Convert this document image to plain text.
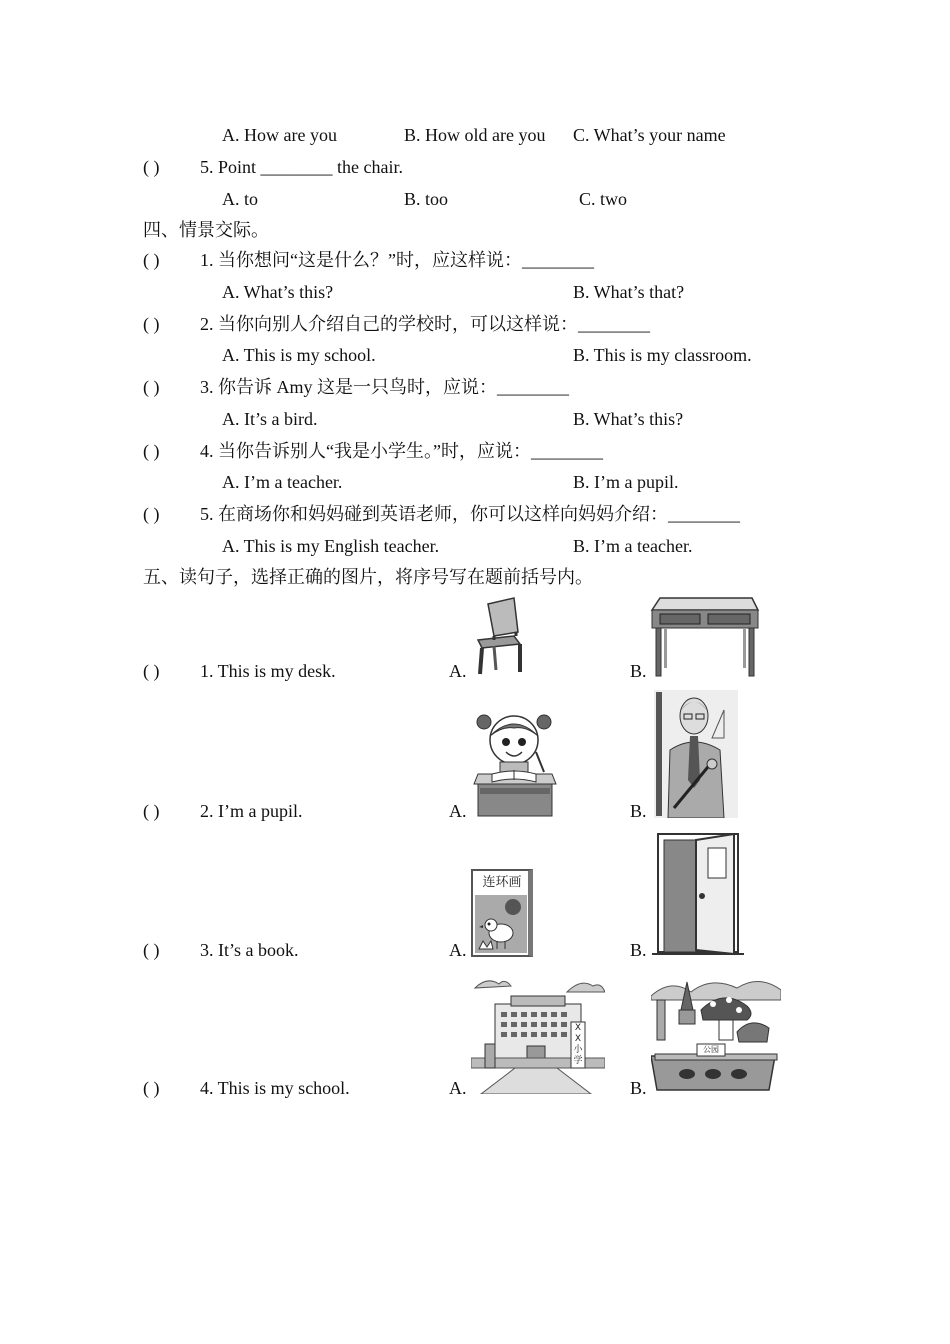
A. How are you	B. How old are you C. What’s your name
( ) 5. Point ________ the chair.
A. to	B. too	C. two
四、情景交际。
( ) 1. 当你想问“这是什么？”时，应这样说：________
A. What’s this?	B. What’s that?
( ) 2. 当你向别人介绍自己的学校时，可以这样说：________
A. This is my school.	B. This is my classroom.
( ) 3. 你告诉 Amy 这是一只鸟时，应说：________
A. It’s a bird.	B. What’s this?
( ) 4. 当你告诉别人“我是小学生。”时，应说：________
A. I’m a teacher.	B. I’m a pupil.
( ) 5. 在商场你和妈妈碰到英语老师，你可以这样向妈妈介绍：________
A. This is my English teacher.	B. I’m a teacher.
五、读句子，选择正确的图片，将序号写在题前括号内。
( ) 1. This is my desk.	A.	B.
( ) 2. I’m a pupil.	A.	B.
( ) 3. It’s a book.	A.	B.
连环画
( ) 4. This is my school.	A.	B.
XX小学
公园
